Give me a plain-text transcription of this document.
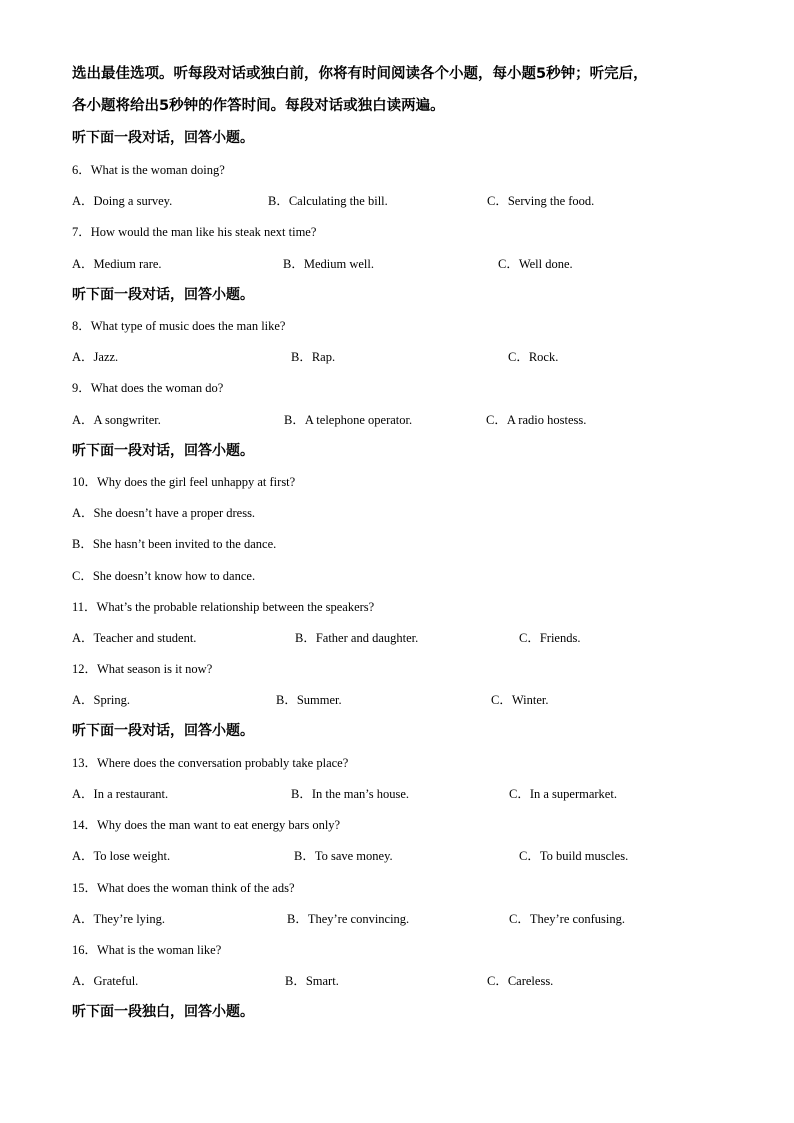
选出最佳选项。听每段对话或独白前，你将有时间阅读各个小题，每小题5秒钟；听完后，
各小题将给出5秒钟的作答时间。每段对话或独白读两遍。
听下面一段对话，回答小题。
6．What is the woman doing?
A．Doing a survey.	B．Calculating the bill.	C．Serving the food.
7．How would the man like his steak next time?
A．Medium rare.	B．Medium well.	C．Well done.
听下面一段对话，回答小题。
8．What type of music does the man like?
A．Jazz.	B．Rap.	C．Rock.
9．What does the woman do?
A．A songwriter.	B．A telephone operator.	C．A radio hostess.
听下面一段对话，回答小题。
10．Why does the girl feel unhappy at first?
A．She doesn’t have a proper dress.
B．She hasn’t been invited to the dance.
C．She doesn’t know how to dance.
11．What’s the probable relationship between the speakers?
A．Teacher and student.	B．Father and daughter.	C．Friends.
12．What season is it now?
A．Spring.	B．Summer.	C．Winter.
听下面一段对话，回答小题。
13．Where does the conversation probably take place?
A．In a restaurant.	B．In the man’s house.	C．In a supermarket.
14．Why does the man want to eat energy bars only?
A．To lose weight.	B．To save money.	C．To build muscles.
15．What does the woman think of the ads?
A．They’re lying.	B．They’re convincing.	C．They’re confusing.
16．What is the woman like?
A．Grateful.	B．Smart.	C．Careless.
听下面一段独白，回答小题。
